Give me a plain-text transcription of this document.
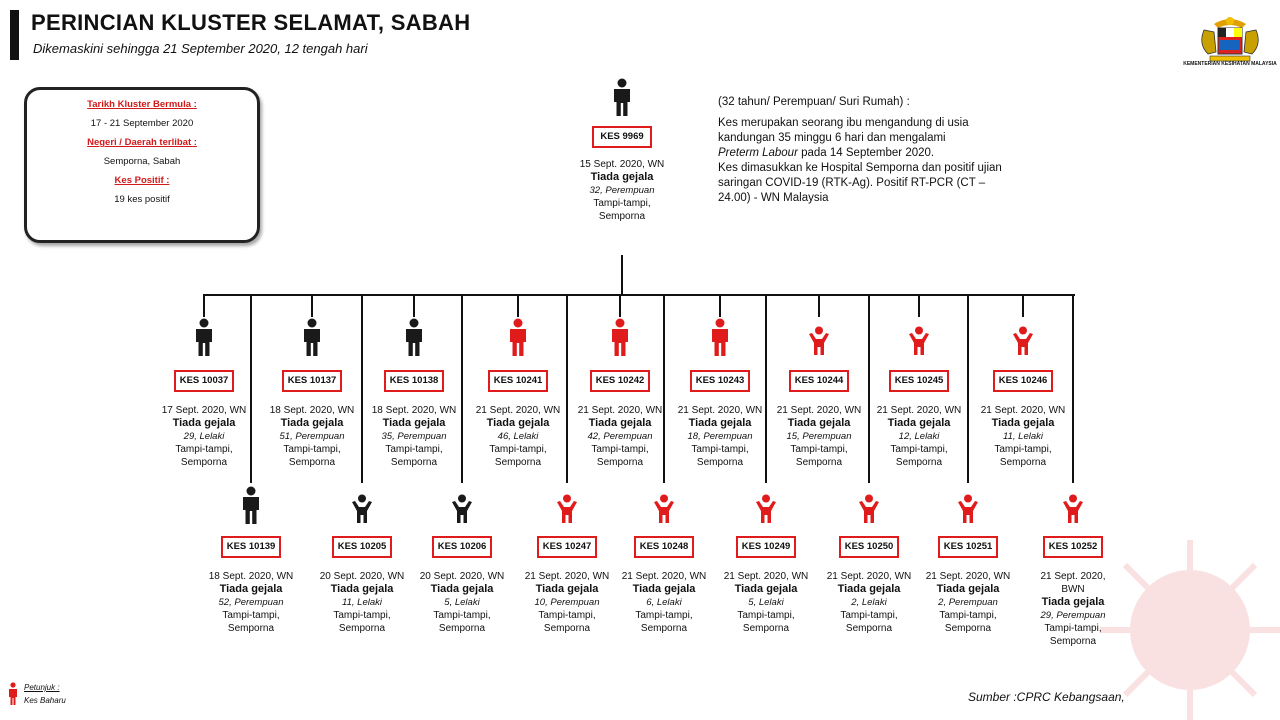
PERINCIAN KLUSTER SELAMAT, SABAH
Dikemaskini sehingga 21 September 2020, 12 tengah hari
KEMENTERIAN KESIHATAN MALAYSIA
Tarikh Kluster Bermula :
17 - 21 September 2020
Negeri / Daerah terlibat :
Semporna, Sabah
Kes Positif :
19 kes positif

(32 tahun/ Perempuan/ Suri Rumah) :

Kes merupakan seorang ibu mengandung di usia kandungan 35 minggu 6 hari dan mengalami

Preterm Labour pada 14 September 2020.

Kes dimasukkan ke Hospital Semporna dan positif ujian saringan COVID-19 (RTK-Ag). Positif RT-PCR (CT – 24.00) - WN Malaysia

KES 9969
15 Sept. 2020, WN
Tiada gejala
32, Perempuan
Tampi-tampi,
Semporna
KES 10037
17 Sept. 2020, WN
Tiada gejala
29, Lelaki
Tampi-tampi,
Semporna
KES 10137
18 Sept. 2020, WN
Tiada gejala
51, Perempuan
Tampi-tampi,
Semporna
KES 10138
18 Sept. 2020, WN
Tiada gejala
35, Perempuan
Tampi-tampi,
Semporna
KES 10241
21 Sept. 2020, WN
Tiada gejala
46, Lelaki
Tampi-tampi,
Semporna
KES 10242
21 Sept. 2020, WN
Tiada gejala
42, Perempuan
Tampi-tampi,
Semporna
KES 10243
21 Sept. 2020, WN
Tiada gejala
18, Perempuan
Tampi-tampi,
Semporna
KES 10244
21 Sept. 2020, WN
Tiada gejala
15, Perempuan
Tampi-tampi,
Semporna
KES 10245
21 Sept. 2020, WN
Tiada gejala
12, Lelaki
Tampi-tampi,
Semporna
KES 10246
21 Sept. 2020, WN
Tiada gejala
11, Lelaki
Tampi-tampi,
Semporna
KES 10139
18 Sept. 2020, WN
Tiada gejala
52, Perempuan
Tampi-tampi,
Semporna
KES 10205
20 Sept. 2020, WN
Tiada gejala
11, Lelaki
Tampi-tampi,
Semporna
KES 10206
20 Sept. 2020, WN
Tiada gejala
5, Lelaki
Tampi-tampi,
Semporna
KES 10247
21 Sept. 2020, WN
Tiada gejala
10, Perempuan
Tampi-tampi,
Semporna
KES 10248
21 Sept. 2020, WN
Tiada gejala
6, Lelaki
Tampi-tampi,
Semporna
KES 10249
21 Sept. 2020, WN
Tiada gejala
5, Lelaki
Tampi-tampi,
Semporna
KES 10250
21 Sept. 2020, WN
Tiada gejala
2, Lelaki
Tampi-tampi,
Semporna
KES 10251
21 Sept. 2020, WN
Tiada gejala
2, Perempuan
Tampi-tampi,
Semporna
KES 10252
21 Sept. 2020,
BWN
Tiada gejala
29, Perempuan
Tampi-tampi,
Semporna
Petunjuk :
Kes Baharu	Sumber :CPRC Kebangsaan,
